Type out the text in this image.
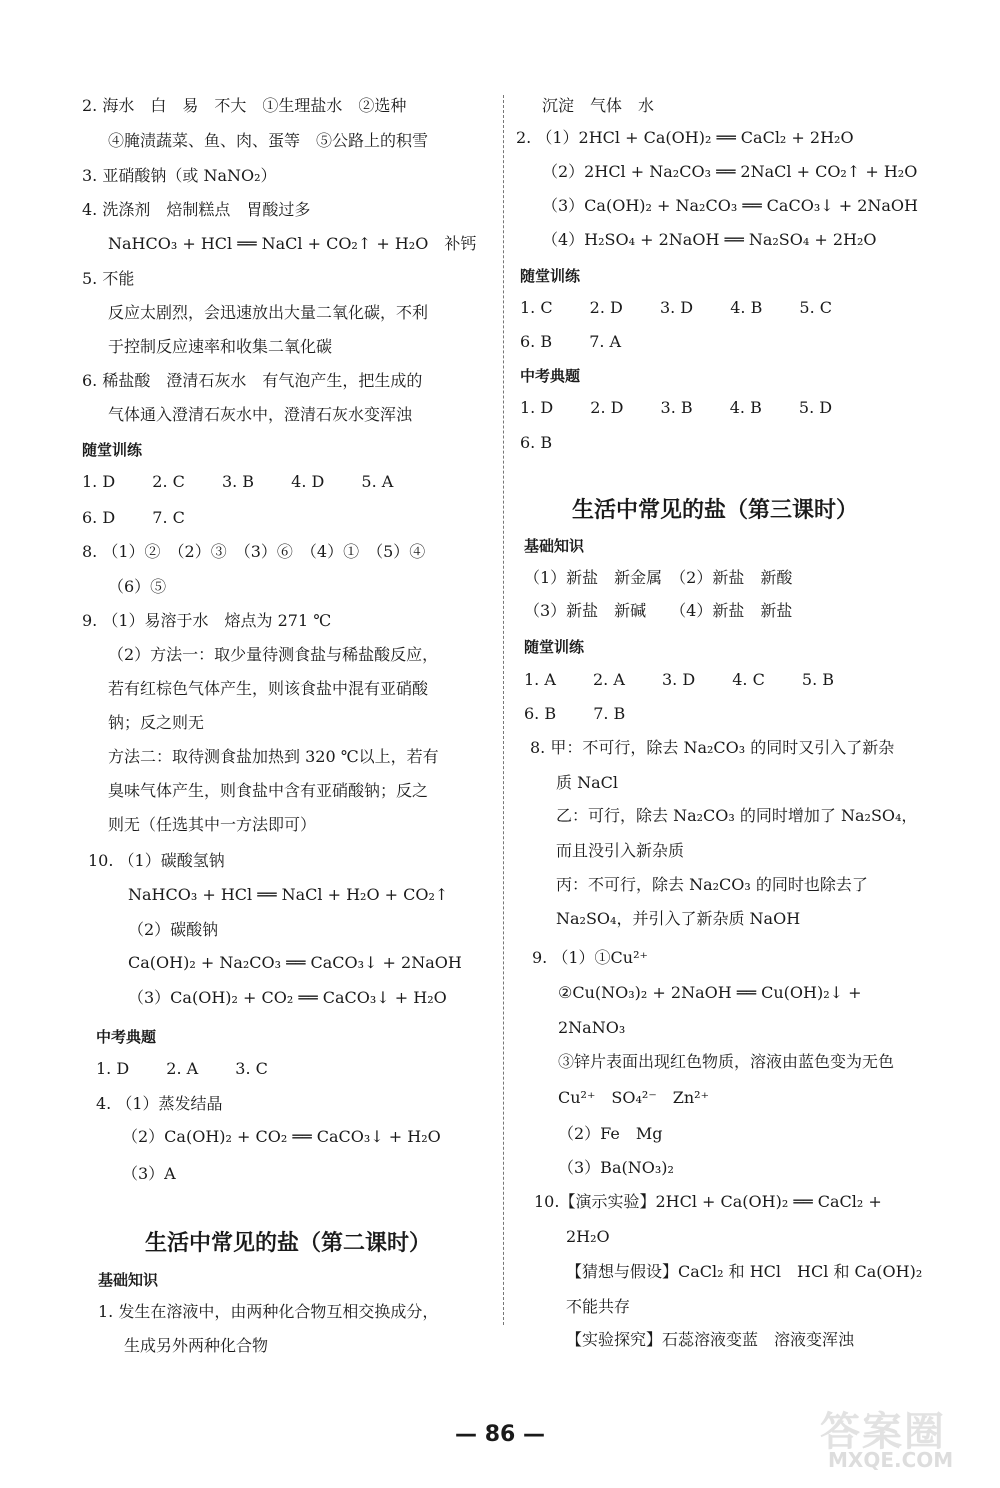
2. 海水　白　易　不大　①生理盐水　②选种
④腌渍蔬菜、鱼、肉、蛋等　⑤公路上的积雪
3. 亚硝酸钠（或 NaNO₂）
4. 洗涤剂　焙制糕点　胃酸过多
NaHCO₃ + HCl ══ NaCl + CO₂↑ + H₂O　补钙
5. 不能
反应太剧烈，会迅速放出大量二氧化碳，不利
于控制反应速率和收集二氧化碳
6. 稀盐酸　澄清石灰水　有气泡产生，把生成的
气体通入澄清石灰水中，澄清石灰水变浑浊
随堂训练
1. D　　 2. C　　 3. B　　 4. D　　 5. A
6. D　　 7. C
8. （1）②　（2）③　（3）⑥　（4）①　（5）④
（6）⑤
9. （1）易溶于水　熔点为 271 ℃
（2）方法一：取少量待测食盐与稀盐酸反应，
若有红棕色气体产生，则该食盐中混有亚硝酸
钠；反之则无
方法二：取待测食盐加热到 320 ℃以上，若有
臭味气体产生，则食盐中含有亚硝酸钠；反之
则无（任选其中一方法即可）
10. （1）碳酸氢钠
NaHCO₃ + HCl ══ NaCl + H₂O + CO₂↑
（2）碳酸钠
Ca(OH)₂ + Na₂CO₃ ══ CaCO₃↓ + 2NaOH
（3）Ca(OH)₂ + CO₂ ══ CaCO₃↓ + H₂O
中考典题
1. D　　 2. A　　 3. C
4. （1）蒸发结晶
（2）Ca(OH)₂ + CO₂ ══ CaCO₃↓ + H₂O
（3）A
生活中常见的盐（第二课时）
基础知识
1. 发生在溶液中，由两种化合物互相交换成分，
生成另外两种化合物
沉淀　气体　水
2. （1）2HCl + Ca(OH)₂ ══ CaCl₂ + 2H₂O
（2）2HCl + Na₂CO₃ ══ 2NaCl + CO₂↑ + H₂O
（3）Ca(OH)₂ + Na₂CO₃ ══ CaCO₃↓ + 2NaOH
（4）H₂SO₄ + 2NaOH ══ Na₂SO₄ + 2H₂O
随堂训练
1. C　　 2. D　　 3. D　　 4. B　　 5. C
6. B　　 7. A
中考典题
1. D　　 2. D　　 3. B　　 4. B　　 5. D
6. B
生活中常见的盐（第三课时）
基础知识
（1）新盐　新金属　（2）新盐　新酸
（3）新盐　新碱　　（4）新盐　新盐
随堂训练
1. A　　 2. A　　 3. D　　 4. C　　 5. B
6. B　　 7. B
8. 甲：不可行，除去 Na₂CO₃ 的同时又引入了新杂
质 NaCl
乙：可行，除去 Na₂CO₃ 的同时增加了 Na₂SO₄，
而且没引入新杂质
丙：不可行，除去 Na₂CO₃ 的同时也除去了
Na₂SO₄，并引入了新杂质 NaOH
9. （1）①Cu²⁺
②Cu(NO₃)₂ + 2NaOH ══ Cu(OH)₂↓ +
2NaNO₃
③锌片表面出现红色物质，溶液由蓝色变为无色
Cu²⁺　SO₄²⁻　Zn²⁺
（2）Fe　Mg
（3）Ba(NO₃)₂
10.【演示实验】2HCl + Ca(OH)₂ ══ CaCl₂ +
2H₂O
【猜想与假设】CaCl₂ 和 HCl　HCl 和 Ca(OH)₂
不能共存
【实验探究】石蕊溶液变蓝　溶液变浑浊
— 86 —	答案圈
MXQE.COM
